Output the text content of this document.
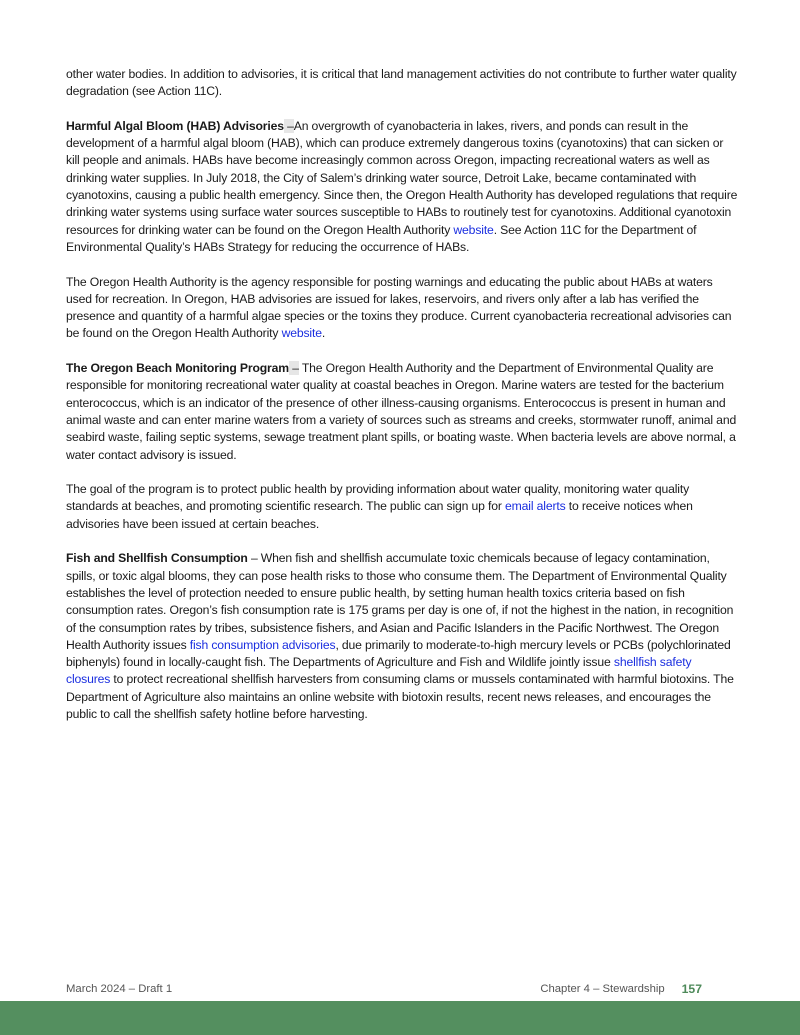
other water bodies. In addition to advisories, it is critical that land management activities do not contribute to further water quality degradation (see Action 11C).

Harmful Algal Bloom (HAB) Advisories –An overgrowth of cyanobacteria in lakes, rivers, and ponds can result in the development of a harmful algal bloom (HAB), which can produce extremely dangerous toxins (cyanotoxins) that can sicken or kill people and animals. HABs have become increasingly common across Oregon, impacting recreational waters as well as drinking water supplies. In July 2018, the City of Salem’s drinking water source, Detroit Lake, became contaminated with cyanotoxins, causing a public health emergency. Since then, the Oregon Health Authority has developed regulations that require drinking water systems using surface water sources susceptible to HABs to routinely test for cyanotoxins. Additional cyanotoxin resources for drinking water can be found on the Oregon Health Authority website. See Action 11C for the Department of Environmental Quality’s HABs Strategy for reducing the occurrence of HABs.

The Oregon Health Authority is the agency responsible for posting warnings and educating the public about HABs at waters used for recreation. In Oregon, HAB advisories are issued for lakes, reservoirs, and rivers only after a lab has verified the presence and quantity of a harmful algae species or the toxins they produce. Current cyanobacteria recreational advisories can be found on the Oregon Health Authority website.

The Oregon Beach Monitoring Program – The Oregon Health Authority and the Department of Environmental Quality are responsible for monitoring recreational water quality at coastal beaches in Oregon. Marine waters are tested for the bacterium enterococcus, which is an indicator of the presence of other illness-causing organisms. Enterococcus is present in human and animal waste and can enter marine waters from a variety of sources such as streams and creeks, stormwater runoff, animal and seabird waste, failing septic systems, sewage treatment plant spills, or boating waste. When bacteria levels are above normal, a water contact advisory is issued.

The goal of the program is to protect public health by providing information about water quality, monitoring water quality standards at beaches, and promoting scientific research. The public can sign up for email alerts to receive notices when advisories have been issued at certain beaches.

Fish and Shellfish Consumption – When fish and shellfish accumulate toxic chemicals because of legacy contamination, spills, or toxic algal blooms, they can pose health risks to those who consume them. The Department of Environmental Quality establishes the level of protection needed to ensure public health, by setting human health toxics criteria based on fish consumption rates. Oregon’s fish consumption rate is 175 grams per day is one of, if not the highest in the nation, in recognition of the consumption rates by tribes, subsistence fishers, and Asian and Pacific Islanders in the Pacific Northwest. The Oregon Health Authority issues fish consumption advisories, due primarily to moderate-to-high mercury levels or PCBs (polychlorinated biphenyls) found in locally-caught fish. The Departments of Agriculture and Fish and Wildlife jointly issue shellfish safety closures to protect recreational shellfish harvesters from consuming clams or mussels contaminated with harmful biotoxins. The Department of Agriculture also maintains an online website with biotoxin results, recent news releases, and encourages the public to call the shellfish safety hotline before harvesting.

March 2024 – Draft 1	Chapter 4 – Stewardship 157
